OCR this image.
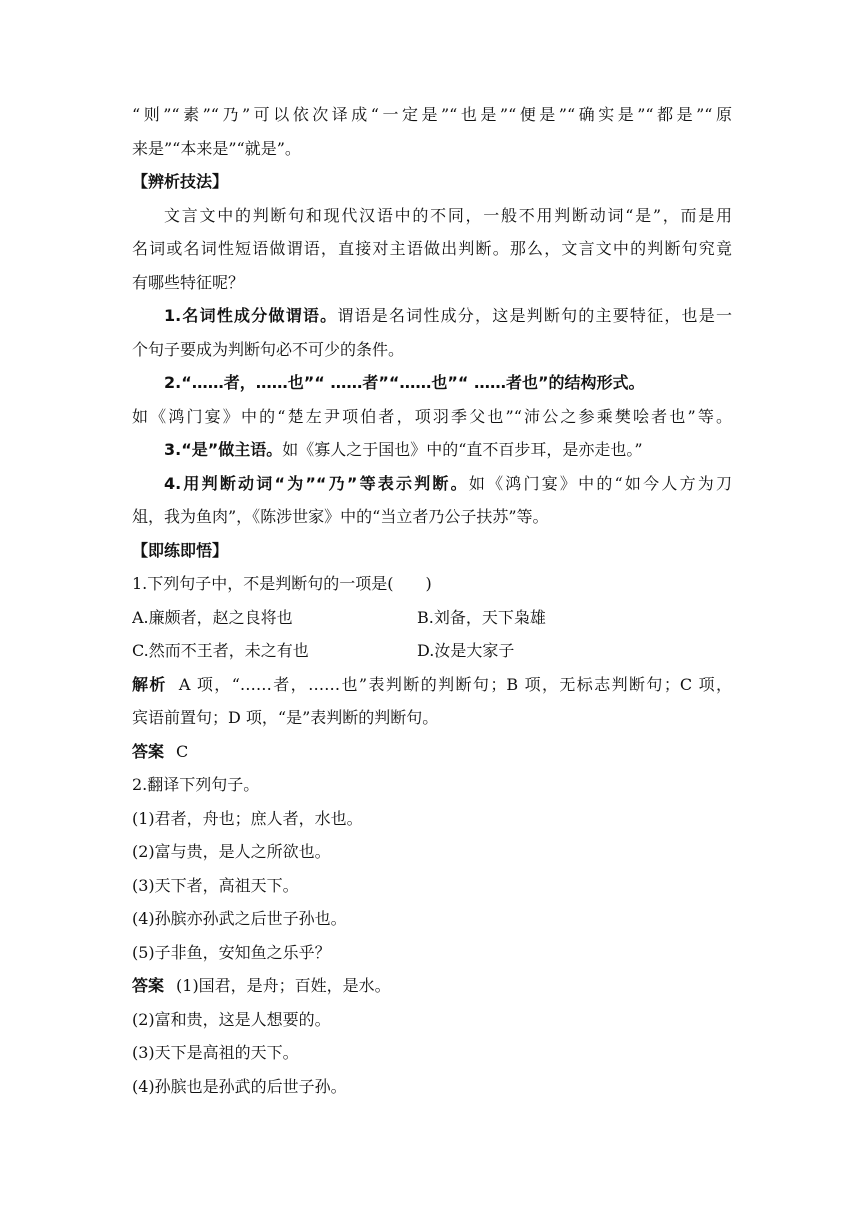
“则”“素”“乃”可以依次译成“一定是”“也是”“便是”“确实是”“都是”“原
来是”“本来是”“就是”。
【辨析技法】
文言文中的判断句和现代汉语中的不同，一般不用判断动词“是”，而是用
名词或名词性短语做谓语，直接对主语做出判断。那么，文言文中的判断句究竟
有哪些特征呢？
1.名词性成分做谓语。谓语是名词性成分，这是判断句的主要特征，也是一
个句子要成为判断句必不可少的条件。
2.“……者，……也”“ ……者”“……也”“ ……者也”的结构形式。
如《鸿门宴》中的“楚左尹项伯者，项羽季父也”“沛公之参乘樊哙者也”等。
3.“是”做主语。如《寡人之于国也》中的“直不百步耳，是亦走也。”
4.用判断动词“为”“乃”等表示判断。如《鸿门宴》中的“如今人方为刀
俎，我为鱼肉”，《陈涉世家》中的“当立者乃公子扶苏”等。
【即练即悟】
1.下列句子中，不是判断句的一项是(　　)
A.廉颇者，赵之良将也	B.刘备，天下枭雄
C.然而不王者，未之有也	D.汝是大家子
解析 A 项，“……者，……也”表判断的判断句；B 项，无标志判断句；C 项，
宾语前置句；D 项，“是”表判断的判断句。
答案 C
2.翻译下列句子。
(1)君者，舟也；庶人者，水也。
(2)富与贵，是人之所欲也。
(3)天下者，高祖天下。
(4)孙膑亦孙武之后世子孙也。
(5)子非鱼，安知鱼之乐乎？
答案 (1)国君，是舟；百姓，是水。
(2)富和贵，这是人想要的。
(3)天下是高祖的天下。
(4)孙膑也是孙武的后世子孙。
